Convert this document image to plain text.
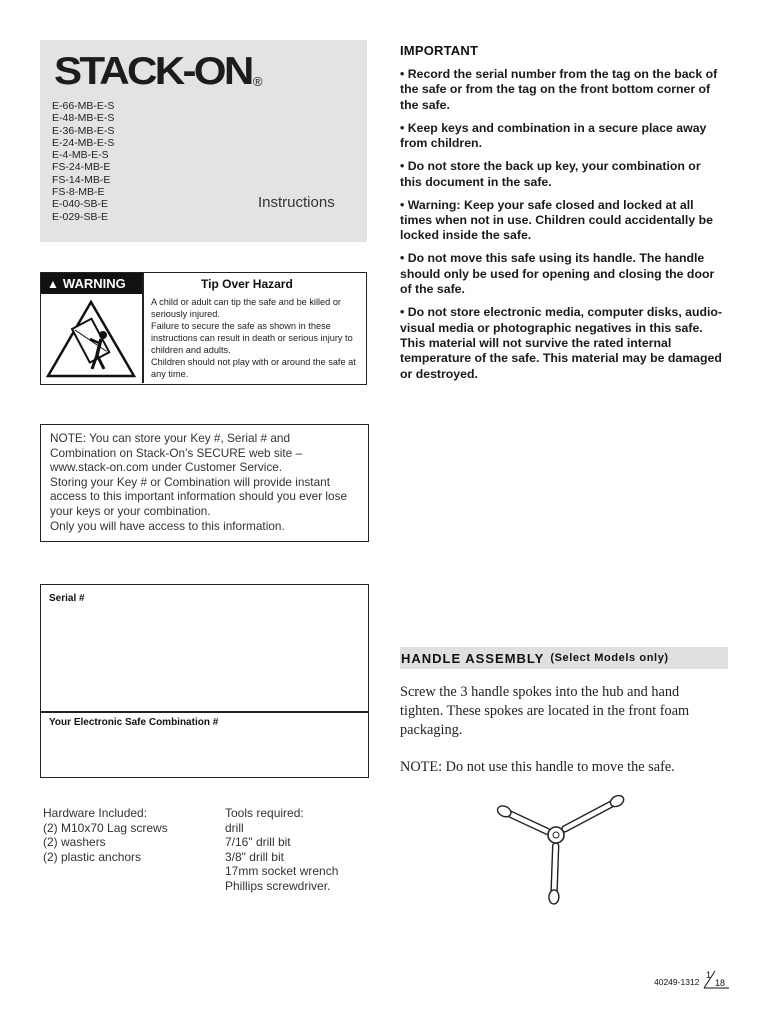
STACK-ON ®
E-66-MB-E-S
E-48-MB-E-S
E-36-MB-E-S
E-24-MB-E-S
E-4-MB-E-S
FS-24-MB-E
FS-14-MB-E
FS-8-MB-E
E-040-SB-E
E-029-SB-E
Instructions
▲ WARNING	Tip Over Hazard

A child or adult can tip the safe and be killed or seriously injured.

Failure to secure the safe as shown in these instructions can result in death or serious injury to children and adults.

Children should not play with or around the safe at any time.

NOTE: You can store your Key #, Serial # and Combination on Stack-On's SECURE web site – www.stack-on.com under Customer Service.

Storing your Key # or Combination will provide instant access to this important information should you ever lose your keys or your combination.

Only you will have access to this information.

Serial #
Your Electronic Safe Combination #
Hardware Included:
(2) M10x70 Lag screws
(2) washers
(2) plastic anchors
Tools required:
drill
7/16" drill bit
3/8" drill bit
17mm socket wrench
Phillips screwdriver.
IMPORTANT
• Record the serial number from the tag on the back of the safe or from the tag on the front bottom corner of the safe.
• Keep keys and combination in a secure place away from children.
• Do not store the back up key, your combination or this document in the safe.
• Warning: Keep your safe closed and locked at all times when not in use. Children could accidentally be locked inside the safe.
• Do not move this safe using its handle. The handle should only be used for opening and closing the door of the safe.
• Do not store electronic media, computer disks, audio-visual media or photographic negatives in this safe. This material will not survive the rated internal temperature of the safe. This material may be damaged or destroyed.
HANDLE ASSEMBLY (Select Models only)
Screw the 3 handle spokes into the hub and hand tighten. These spokes are located in the front foam packaging.
NOTE: Do not use this handle to move the safe.
40249-1312
1
18
